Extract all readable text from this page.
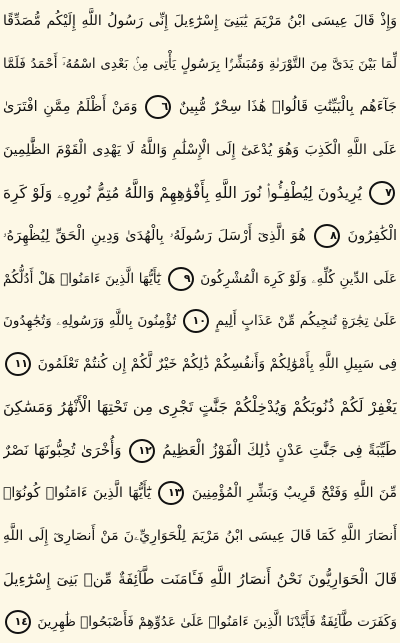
وَإِذْ قَالَ عِيسَى ابْنُ مَرْيَمَ يَٰبَنِىٓ إِسْرَٰٓءِيلَ إِنِّى رَسُولُ اللَّهِ إِلَيْكُم مُّصَدِّقًا
لِّمَا بَيْنَ يَدَىَّ مِنَ التَّوْرَىٰةِ وَمُبَشِّرًۢا بِرَسُولٍ يَأْتِى مِنۢ بَعْدِى اسْمُهُۥٓ أَحْمَدُ فَلَمَّا
جَآءَهُم بِالْبَيِّنَٰتِ قَالُوا۟ هَٰذَا سِحْرٌ مُّبِينٌ ٦ وَمَنْ أَظْلَمُ مِمَّنِ افْتَرَىٰ
عَلَى اللَّهِ الْكَذِبَ وَهُوَ يُدْعَىٰٓ إِلَى الْإِسْلَٰمِ وَاللَّهُ لَا يَهْدِى الْقَوْمَ الظَّٰلِمِينَ
٧ يُرِيدُونَ لِيُطْفِـُٔوا۟ نُورَ اللَّهِ بِأَفْوَٰهِهِمْ وَاللَّهُ مُتِمُّ نُورِهِۦ وَلَوْ كَرِهَ
الْكَٰفِرُونَ ٨ هُوَ الَّذِىٓ أَرْسَلَ رَسُولَهُۥ بِالْهُدَىٰ وَدِينِ الْحَقِّ لِيُظْهِرَهُۥ
عَلَى الدِّينِ كُلِّهِۦ وَلَوْ كَرِهَ الْمُشْرِكُونَ ٩ يَٰٓأَيُّهَا الَّذِينَ ءَامَنُوا۟ هَلْ أَدُلُّكُمْ
عَلَىٰ تِجَٰرَةٍ تُنجِيكُم مِّنْ عَذَابٍ أَلِيمٍ ١٠ تُؤْمِنُونَ بِاللَّهِ وَرَسُولِهِۦ وَتُجَٰهِدُونَ
فِى سَبِيلِ اللَّهِ بِأَمْوَٰلِكُمْ وَأَنفُسِكُمْ ذَٰلِكُمْ خَيْرٌ لَّكُمْ إِن كُنتُمْ تَعْلَمُونَ ١١
يَغْفِرْ لَكُمْ ذُنُوبَكُمْ وَيُدْخِلْكُمْ جَنَّٰتٍ تَجْرِى مِن تَحْتِهَا الْأَنْهَٰرُ وَمَسَٰكِنَ
طَيِّبَةً فِى جَنَّٰتِ عَدْنٍ ذَٰلِكَ الْفَوْزُ الْعَظِيمُ ١٢ وَأُخْرَىٰ تُحِبُّونَهَا نَصْرٌ
مِّنَ اللَّهِ وَفَتْحٌ قَرِيبٌ وَبَشِّرِ الْمُؤْمِنِينَ ١٣ يَٰٓأَيُّهَا الَّذِينَ ءَامَنُوا۟ كُونُوٓا۟
أَنصَارَ اللَّهِ كَمَا قَالَ عِيسَى ابْنُ مَرْيَمَ لِلْحَوَارِيِّۦنَ مَنْ أَنصَارِىٓ إِلَى اللَّهِ
قَالَ الْحَوَارِيُّونَ نَحْنُ أَنصَارُ اللَّهِ فَـَٔامَنَت طَّآئِفَةٌ مِّنۢ بَنِىٓ إِسْرَٰٓءِيلَ
وَكَفَرَت طَّآئِفَةٌ فَأَيَّدْنَا الَّذِينَ ءَامَنُوا۟ عَلَىٰ عَدُوِّهِمْ فَأَصْبَحُوا۟ ظَٰهِرِينَ ١٤
